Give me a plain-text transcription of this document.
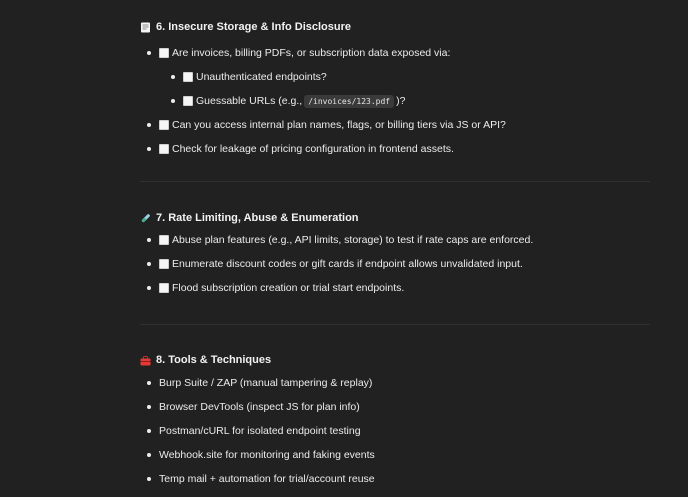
6. Insecure Storage & Info Disclosure
Are invoices, billing PDFs, or subscription data exposed via:
Unauthenticated endpoints?
Guessable URLs (e.g., /invoices/123.pdf )?
Can you access internal plan names, flags, or billing tiers via JS or API?
Check for leakage of pricing configuration in frontend assets.
7. Rate Limiting, Abuse & Enumeration
Abuse plan features (e.g., API limits, storage) to test if rate caps are enforced.
Enumerate discount codes or gift cards if endpoint allows unvalidated input.
Flood subscription creation or trial start endpoints.
8. Tools & Techniques
Burp Suite / ZAP (manual tampering & replay)
Browser DevTools (inspect JS for plan info)
Postman/cURL for isolated endpoint testing
Webhook.site for monitoring and faking events
Temp mail + automation for trial/account reuse
